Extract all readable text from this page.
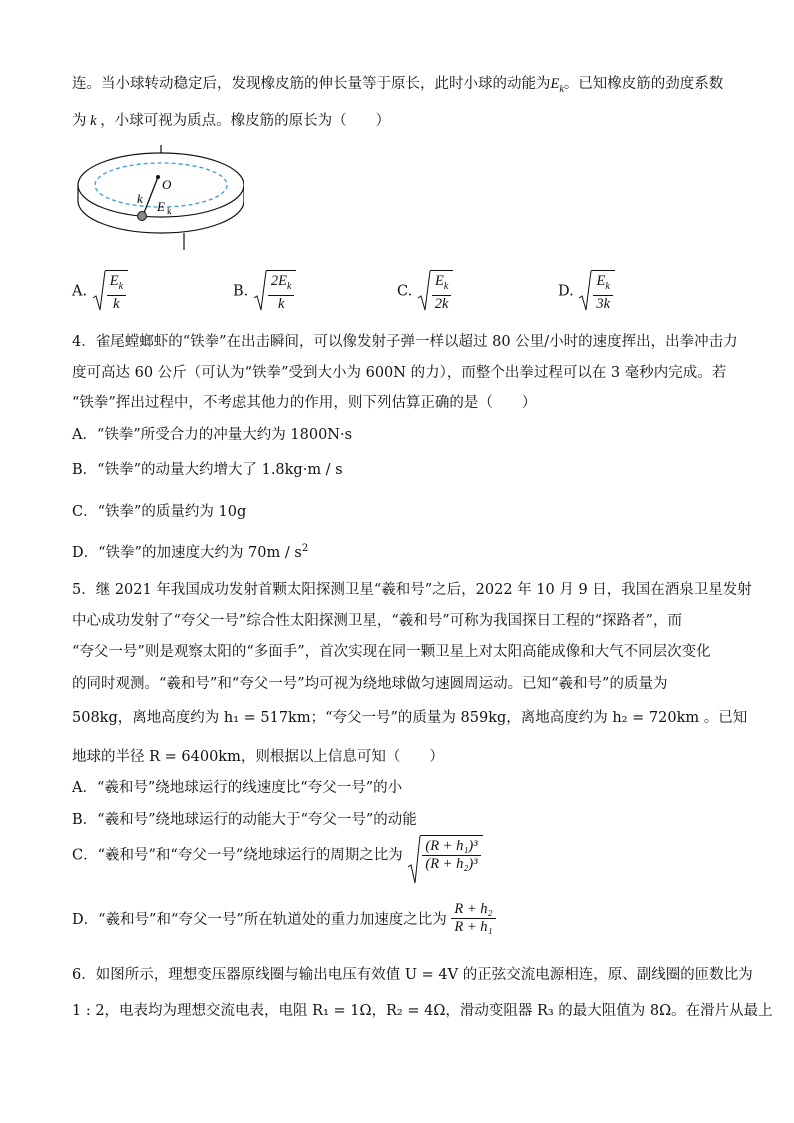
连。当小球转动稳定后，发现橡皮筋的伸长量等于原长，此时小球的动能为$E_k$。已知橡皮筋的劲度系数
为 k ，小球可视为质点。橡皮筋的原长为（　　）
O
k
E k
A. $\frac{E_k}{k}$	B. $\frac{2E_k}{k}$	C. $\frac{E_k}{2k}$	D. $\frac{E_k}{3k}$
4．雀尾螳螂虾的“铁拳”在出击瞬间，可以像发射子弹一样以超过 80 公里/小时的速度挥出，出拳冲击力
度可高达 60 公斤（可认为“铁拳”受到大小为 600N 的力），而整个出拳过程可以在 3 毫秒内完成。若
“铁拳”挥出过程中，不考虑其他力的作用，则下列估算正确的是（　　）
A．“铁拳”所受合力的冲量大约为 1800N·s
B．“铁拳”的动量大约增大了 1.8kg·m / s
C．“铁拳”的质量约为 10g
D．“铁拳”的加速度大约为 $70m / s^2$
5．继 2021 年我国成功发射首颗太阳探测卫星“羲和号”之后，2022 年 10 月 9 日，我国在酒泉卫星发射
中心成功发射了“夸父一号”综合性太阳探测卫星，“羲和号”可称为我国探日工程的“探路者”，而
“夸父一号”则是观察太阳的“多面手”，首次实现在同一颗卫星上对太阳高能成像和大气不同层次变化
的同时观测。“羲和号”和“夸父一号”均可视为绕地球做匀速圆周运动。已知“羲和号”的质量为
508kg，离地高度约为 h₁ = 517km；“夸父一号”的质量为 859kg，离地高度约为 h₂ = 720km 。已知
地球的半径 R = 6400km，则根据以上信息可知（　　）
A．“羲和号”绕地球运行的线速度比“夸父一号”的小
B．“羲和号”绕地球运行的动能大于“夸父一号”的动能
C．“羲和号”和“夸父一号”绕地球运行的周期之比为 $\frac{\text{(R + h₁)³}}{\text{(R + h₂)³}}$
D．“羲和号”和“夸父一号”所在轨道处的重力加速度之比为 $\frac{\text{R + h₂}}{\text{R + h₁}}$
6．如图所示，理想变压器原线圈与输出电压有效值 U = 4V 的正弦交流电源相连，原、副线圈的匝数比为
1 : 2，电表均为理想交流电表，电阻 R₁ = 1Ω，R₂ = 4Ω，滑动变阻器 R₃ 的最大阻值为 8Ω。在滑片从最上
